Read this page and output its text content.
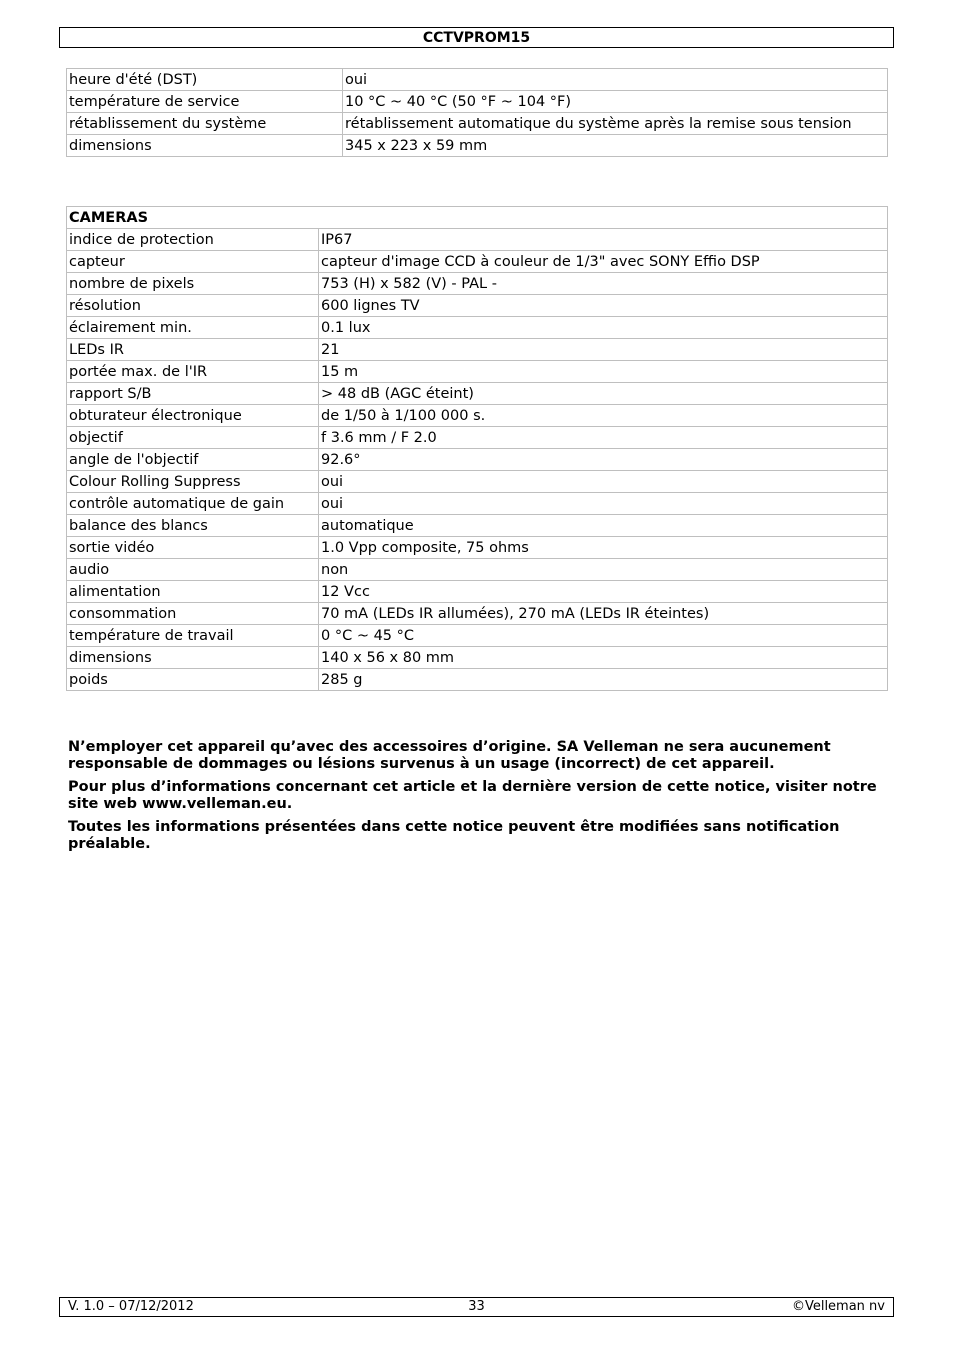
CCTVPROM15
heure d'été (DST)	oui
température de service	10 °C ~ 40 °C (50 °F ~ 104 °F)
rétablissement du système	rétablissement automatique du système après la remise sous tension
dimensions	345 x 223 x 59 mm
CAMERAS	
indice de protection	IP67
capteur	capteur d'image CCD à couleur de 1/3" avec SONY Effio DSP
nombre de pixels	753 (H) x 582 (V) - PAL -
résolution	600 lignes TV
éclairement min.	0.1 lux
LEDs IR	21
portée max. de l'IR	15 m
rapport S/B	> 48 dB (AGC éteint)
obturateur électronique	de 1/50 à 1/100 000 s.
objectif	f 3.6 mm / F 2.0
angle de l'objectif	92.6°
Colour Rolling Suppress	oui
contrôle automatique de gain	oui
balance des blancs	automatique
sortie vidéo	1.0 Vpp composite, 75 ohms
audio	non
alimentation	12 Vcc
consommation	70 mA (LEDs IR allumées), 270 mA (LEDs IR éteintes)
température de travail	0 °C ~ 45 °C
dimensions	140 x 56 x 80 mm
poids	285 g

N’employer cet appareil qu’avec des accessoires d’origine. SA Velleman ne sera aucunement responsable de dommages ou lésions survenus à un usage (incorrect) de cet appareil.

Pour plus d’informations concernant cet article et la dernière version de cette notice, visiter notre site web www.velleman.eu.

Toutes les informations présentées dans cette notice peuvent être modifiées sans notification préalable.

33
V. 1.0 – 07/12/2012	©Velleman nv
